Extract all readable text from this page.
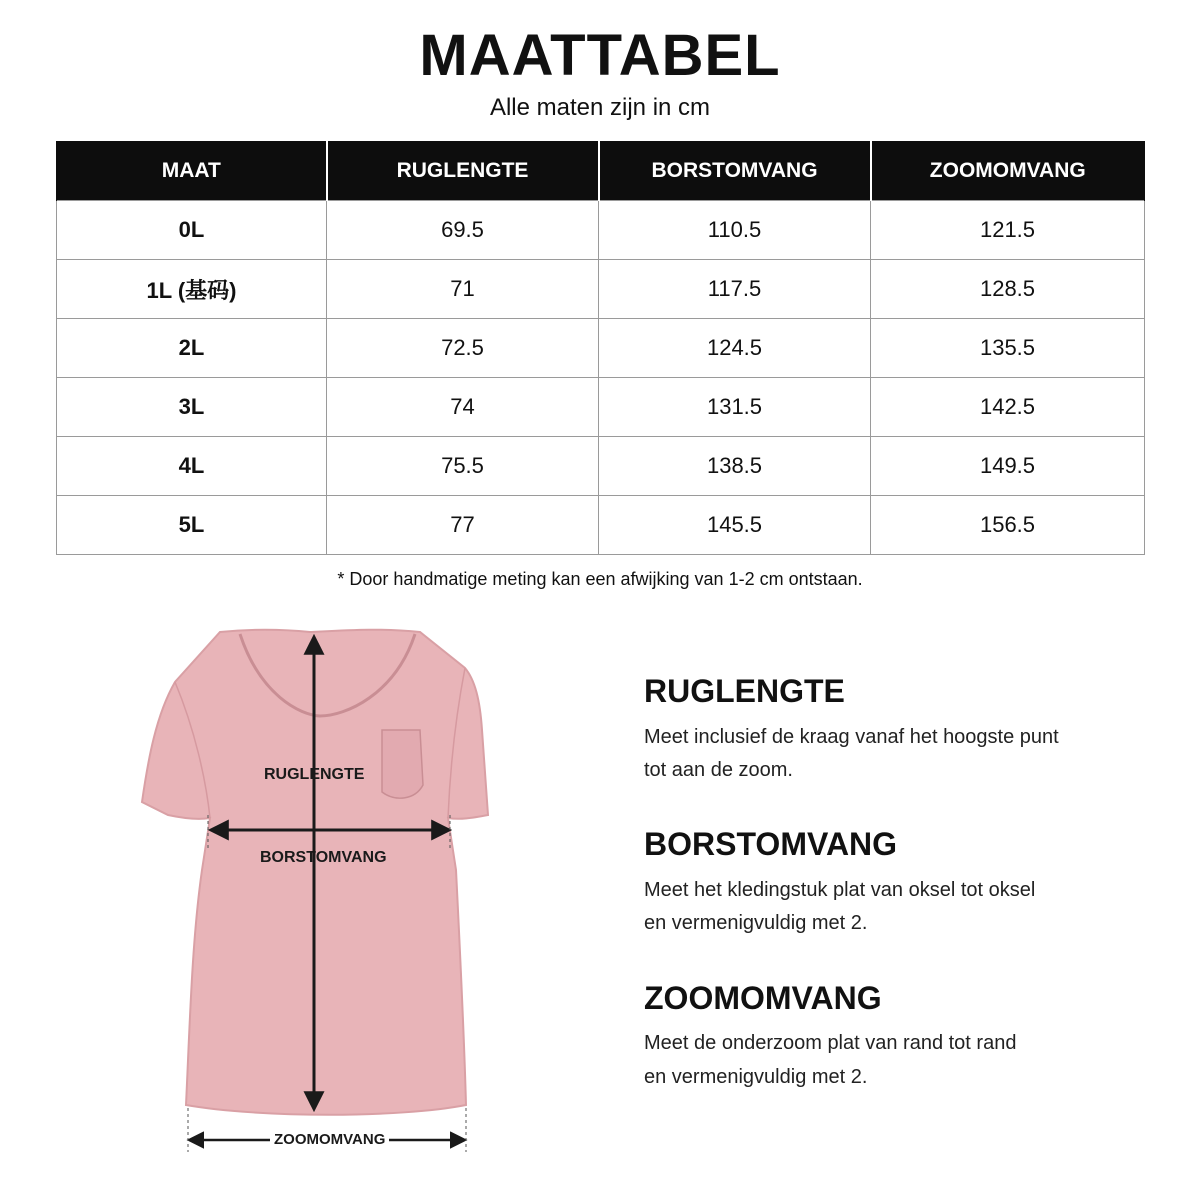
MAATTABEL
Alle maten zijn in cm
MAAT	RUGLENGTE	BORSTOMVANG	ZOOMOMVANG
0L	69.5	110.5	121.5
1L (基码)	71	117.5	128.5
2L	72.5	124.5	135.5
3L	74	131.5	142.5
4L	75.5	138.5	149.5
5L	77	145.5	156.5
* Door handmatige meting kan een afwijking van 1-2 cm ontstaan.
RUGLENGTE
BORSTOMVANG
ZOOMOMVANG
RUGLENGTE
Meet inclusief de kraag vanaf het hoogste punt
tot aan de zoom.
BORSTOMVANG
Meet het kledingstuk plat van oksel tot oksel
en vermenigvuldig met 2.
ZOOMOMVANG
Meet de onderzoom plat van rand tot rand
en vermenigvuldig met 2.
